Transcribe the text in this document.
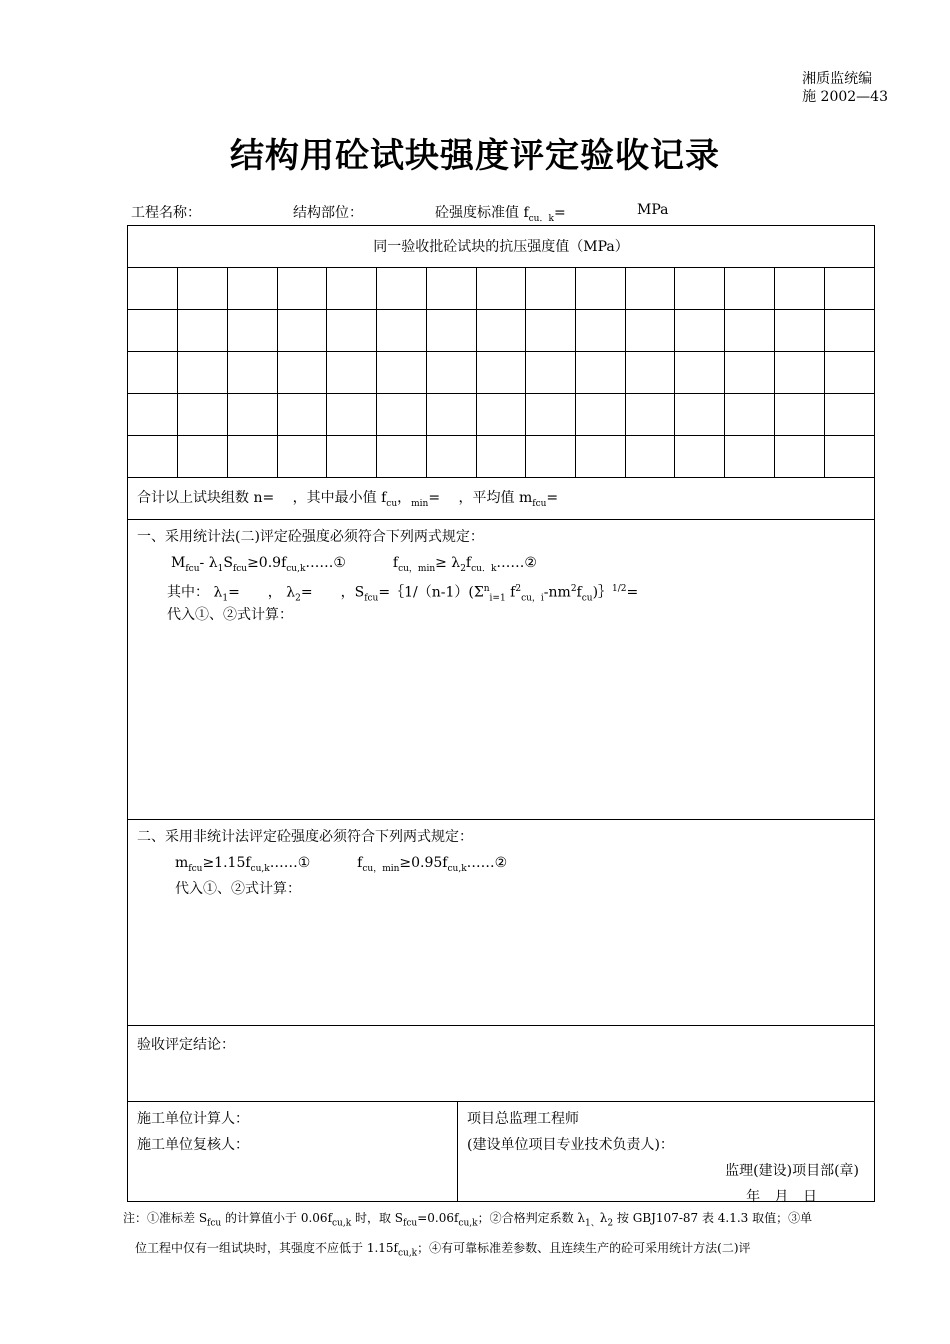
湘质监统编
施 2002—43
结构用砼试块强度评定验收记录
工程名称：	结构部位：	砼强度标准值 $f_{cu.k}=$	MPa
同一验收批砼试块的抗压强度值（MPa）

合计以上试块组数 n=　 ，其中最小值 $f_{cu}$，$_{min}$=　 ，平均值 $m_{fcu}=$
一、采用统计法(二)评定砼强度必须符合下列两式规定：
$M_{fcu}-$ $\lambda_1S_{fcu}\ge 0.9f_{cu,k}\dots\dots ①$	$f_{cu,min}\ge$ $\lambda_2f_{cu.k}\dots\dots ②$
其中： $\lambda_1=$　　， $\lambda_2=$　　，$S_{fcu}=\{1/(n-1)(\Sigma^n_{i=1}$ $f^2_{cu,i}-nm^2f_{cu})\}^{1/2}=$
代入①、②式计算：
二、采用非统计法评定砼强度必须符合下列两式规定：
$m_{fcu}\ge 1.15f_{cu,k}\dots\dots ①$	$f_{cu,min}\ge 0.95f_{cu,k}\dots\dots ②$
代入①、②式计算：
验收评定结论：
施工单位计算人：
施工单位复核人：
项目总监理工程师
(建设单位项目专业技术负责人)：
监理(建设)项目部(章)
年 月 日
注：①准标差 $S_{fcu}$ 的计算值小于 $0.06f_{cu,k}$ 时，取 $S_{fcu}=0.06f_{cu,k}$；②合格判定系数 $\lambda_{1、}\lambda_2$ 按 GBJ107-87 表 4.1.3 取值；③单
位工程中仅有一组试块时，其强度不应低于 $1.15f_{cu,k}$；④有可靠标准差参数、且连续生产的砼可采用统计方法(二)评
